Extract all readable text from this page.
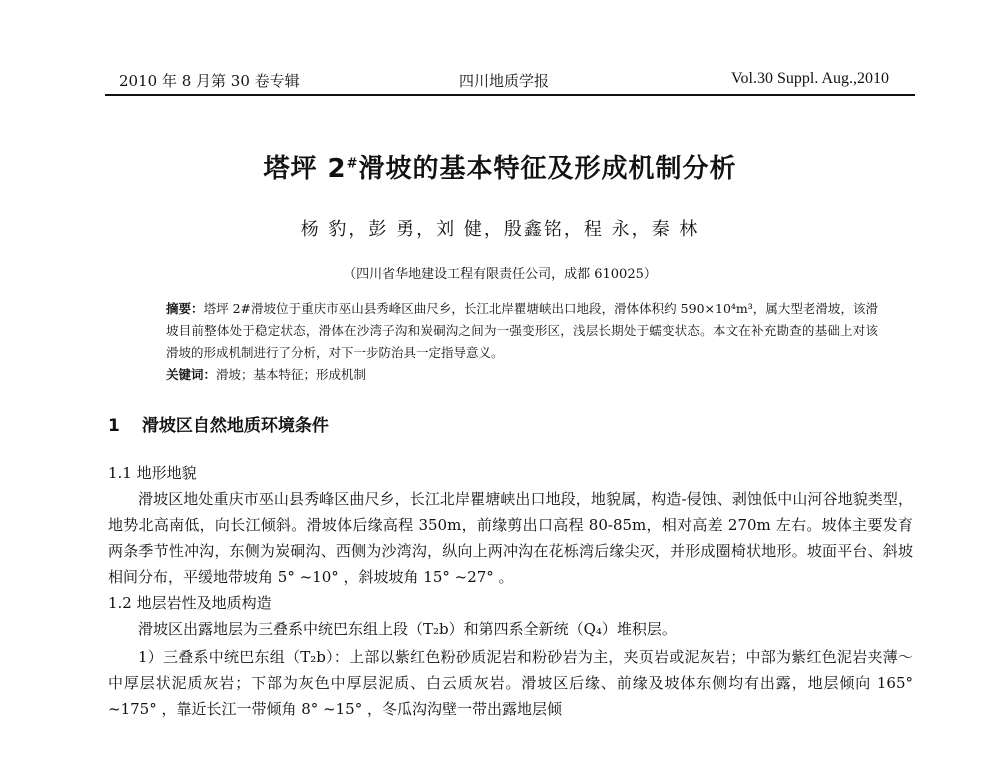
2010 年 8 月第 30 卷专辑	四川地质学报	Vol.30 Suppl. Aug.,2010
塔坪 2#滑坡的基本特征及形成机制分析
杨 豹，彭 勇，刘 健，殷鑫铭，程 永，秦 林
（四川省华地建设工程有限责任公司，成都 610025）

摘要：塔坪 2#滑坡位于重庆市巫山县秀峰区曲尺乡，长江北岸瞿塘峡出口地段，滑体体积约 590×10⁴m³，属大型老滑坡，该滑坡目前整体处于稳定状态，滑体在沙湾子沟和炭硐沟之间为一强变形区，浅层长期处于蠕变状态。本文在补充勘查的基础上对该滑坡的形成机制进行了分析，对下一步防治具一定指导意义。

关键词：滑坡；基本特征；形成机制

1 滑坡区自然地质环境条件

1.1 地形地貌

滑坡区地处重庆市巫山县秀峰区曲尺乡，长江北岸瞿塘峡出口地段，地貌属，构造-侵蚀、剥蚀低中山河谷地貌类型，地势北高南低，向长江倾斜。滑坡体后缘高程 350m，前缘剪出口高程 80-85m，相对高差 270m 左右。坡体主要发育两条季节性冲沟，东侧为炭硐沟、西侧为沙湾沟，纵向上两冲沟在花栎湾后缘尖灭，并形成圈椅状地形。坡面平台、斜坡相间分布，平缓地带坡角 5° ~10° ，斜坡坡角 15° ~27° 。

1.2 地层岩性及地质构造

滑坡区出露地层为三叠系中统巴东组上段（T₂b）和第四系全新统（Q₄）堆积层。

1）三叠系中统巴东组（T₂b）：上部以紫红色粉砂质泥岩和粉砂岩为主，夹页岩或泥灰岩；中部为紫红色泥岩夹薄～中厚层状泥质灰岩；下部为灰色中厚层泥质、白云质灰岩。滑坡区后缘、前缘及坡体东侧均有出露，地层倾向 165° ~175° ，靠近长江一带倾角 8° ~15° ，冬瓜沟沟壁一带出露地层倾
